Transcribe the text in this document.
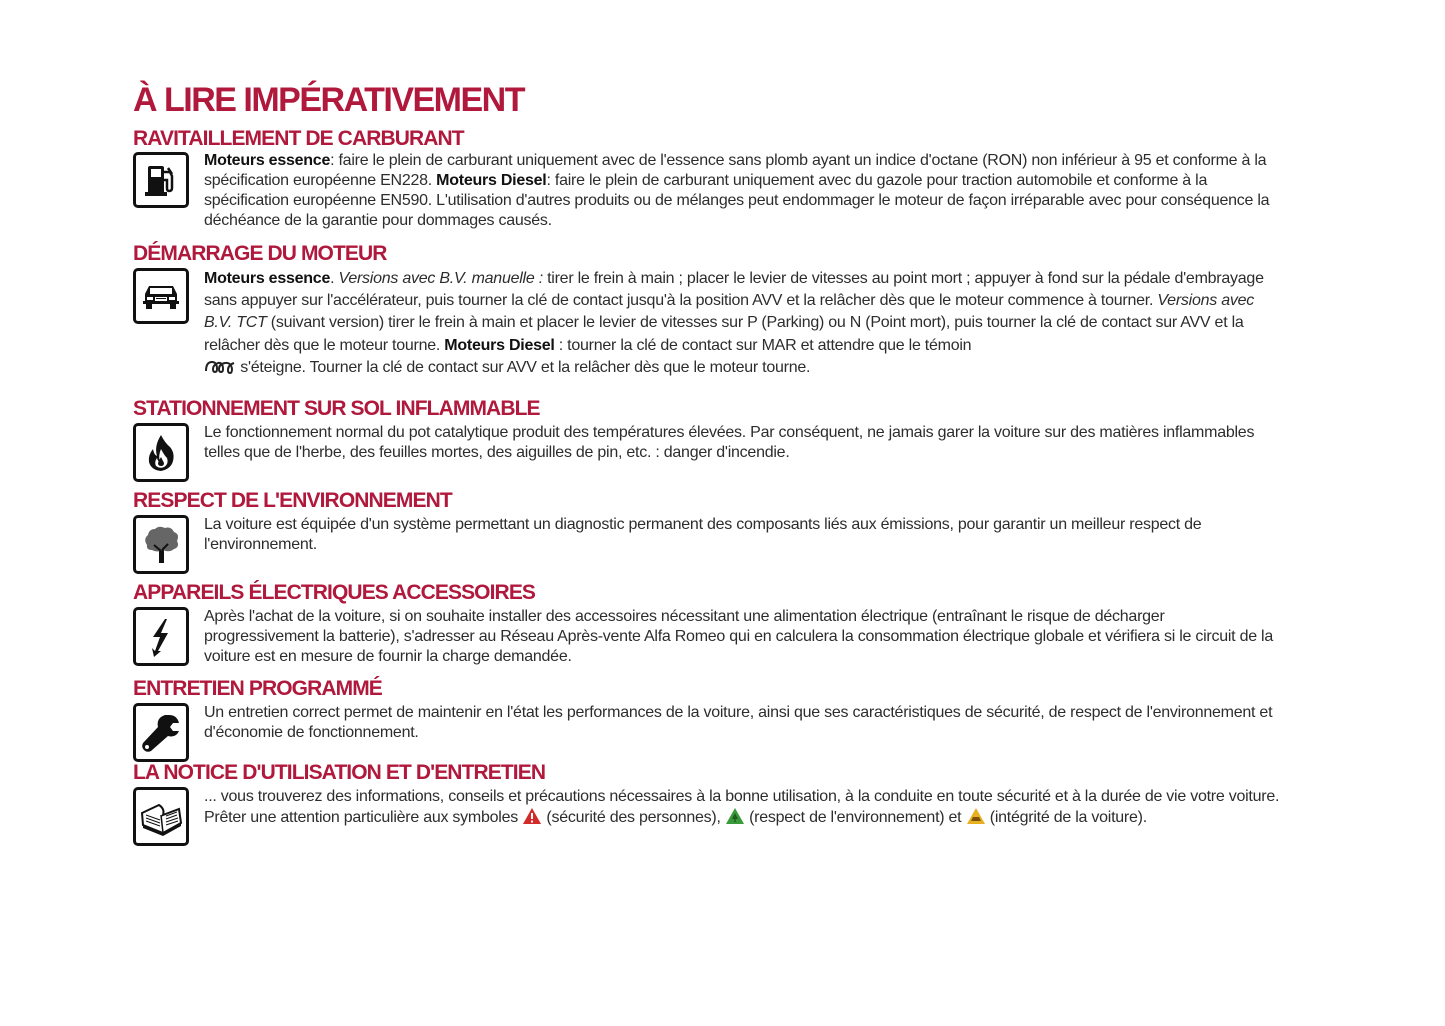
À LIRE IMPÉRATIVEMENT
RAVITAILLEMENT DE CARBURANT
Moteurs essence: faire le plein de carburant uniquement avec de l'essence sans plomb ayant un indice d'octane (RON) non inférieur à 95 et conforme à la spécification européenne EN228. Moteurs Diesel: faire le plein de carburant uniquement avec du gazole pour traction automobile et conforme à la spécification européenne EN590. L'utilisation d'autres produits ou de mélanges peut endommager le moteur de façon irréparable avec pour conséquence la déchéance de la garantie pour dommages causés.
DÉMARRAGE DU MOTEUR
Moteurs essence. Versions avec B.V. manuelle : tirer le frein à main ; placer le levier de vitesses au point mort ; appuyer à fond sur la pédale d'embrayage sans appuyer sur l'accélérateur, puis tourner la clé de contact jusqu'à la position AVV et la relâcher dès que le moteur commence à tourner. Versions avec B.V. TCT (suivant version) tirer le frein à main et placer le levier de vitesses sur P (Parking) ou N (Point mort), puis tourner la clé de contact sur AVV et la relâcher dès que le moteur tourne. Moteurs Diesel : tourner la clé de contact sur MAR et attendre que le témoin
s'éteigne. Tourner la clé de contact sur AVV et la relâcher dès que le moteur tourne.
STATIONNEMENT SUR SOL INFLAMMABLE
Le fonctionnement normal du pot catalytique produit des températures élevées. Par conséquent, ne jamais garer la voiture sur des matières inflammables telles que de l'herbe, des feuilles mortes, des aiguilles de pin, etc. : danger d'incendie.
RESPECT DE L'ENVIRONNEMENT
La voiture est équipée d'un système permettant un diagnostic permanent des composants liés aux émissions, pour garantir un meilleur respect de l'environnement.
APPAREILS ÉLECTRIQUES ACCESSOIRES
Après l'achat de la voiture, si on souhaite installer des accessoires nécessitant une alimentation électrique (entraînant le risque de décharger progressivement la batterie), s'adresser au Réseau Après-vente Alfa Romeo qui en calculera la consommation électrique globale et vérifiera si le circuit de la voiture est en mesure de fournir la charge demandée.
ENTRETIEN PROGRAMMÉ
Un entretien correct permet de maintenir en l'état les performances de la voiture, ainsi que ses caractéristiques de sécurité, de respect de l'environnement et d'économie de fonctionnement.
LA NOTICE D'UTILISATION ET D'ENTRETIEN
... vous trouverez des informations, conseils et précautions nécessaires à la bonne utilisation, à la conduite en toute sécurité et à la durée de vie votre voiture. Prêter une attention particulière aux symboles  (sécurité des personnes),  (respect de l'environnement) et  (intégrité de la voiture).
